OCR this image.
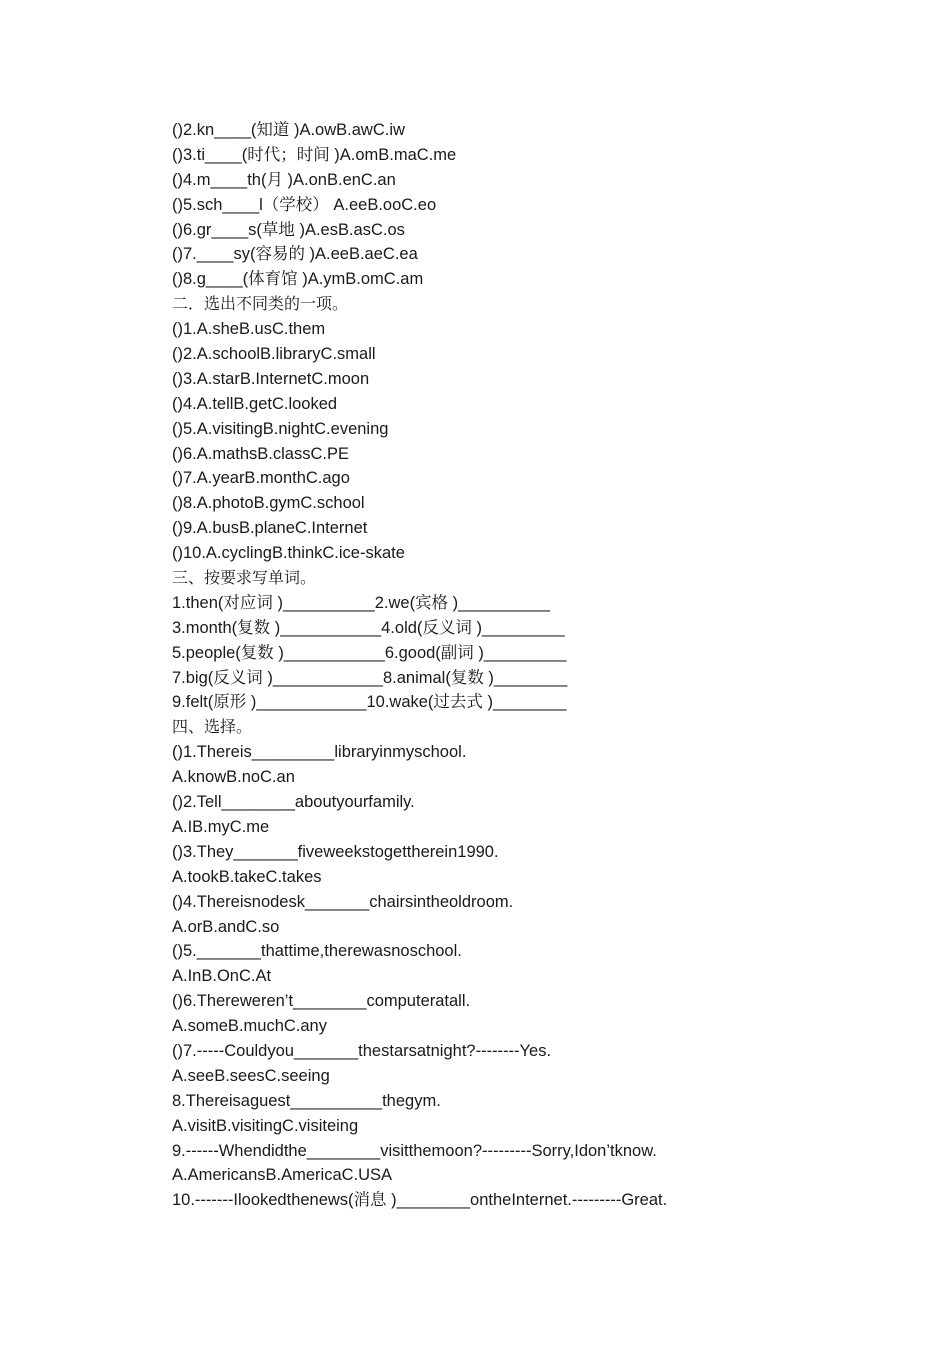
()2.kn____(知道 )A.owB.awC.iw
()3.ti____(时代；时间 )A.omB.maC.me
()4.m____th(月 )A.onB.enC.an
()5.sch____l（学校） A.eeB.ooC.eo
()6.gr____s(草地 )A.esB.asC.os
()7.____sy(容易的 )A.eeB.aeC.ea
()8.g____(体育馆 )A.ymB.omC.am
二．选出不同类的一项。
()1.A.sheB.usC.them
()2.A.schoolB.libraryC.small
()3.A.starB.InternetC.moon
()4.A.tellB.getC.looked
()5.A.visitingB.nightC.evening
()6.A.mathsB.classC.PE
()7.A.yearB.monthC.ago
()8.A.photoB.gymC.school
()9.A.busB.planeC.Internet
()10.A.cyclingB.thinkC.ice-skate
三、按要求写单词。
1.then(对应词 )__________2.we(宾格 )__________
3.month(复数 )___________4.old(反义词 )_________
5.people(复数 )___________6.good(副词 )_________
7.big(反义词 )____________8.animal(复数 )________
9.felt(原形 )____________10.wake(过去式 )________
四、选择。
()1.Thereis_________libraryinmyschool.
A.knowB.noC.an
()2.Tell________aboutyourfamily.
A.IB.myC.me
()3.They_______fiveweekstogettherein1990.
A.tookB.takeC.takes
()4.Thereisnodesk_______chairsintheoldroom.
A.orB.andC.so
()5._______thattime,therewasnoschool.
A.InB.OnC.At
()6.Thereweren’t________computeratall.
A.someB.muchC.any
()7.-----Couldyou_______thestarsatnight?--------Yes.
A.seeB.seesC.seeing
8.Thereisaguest__________thegym.
A.visitB.visitingC.visiteing
9.------Whendidthe________visitthemoon?---------Sorry,Idon’tknow.
A.AmericansB.AmericaC.USA
10.-------Ilookedthenews(消息 )________ontheInternet.---------Great.
